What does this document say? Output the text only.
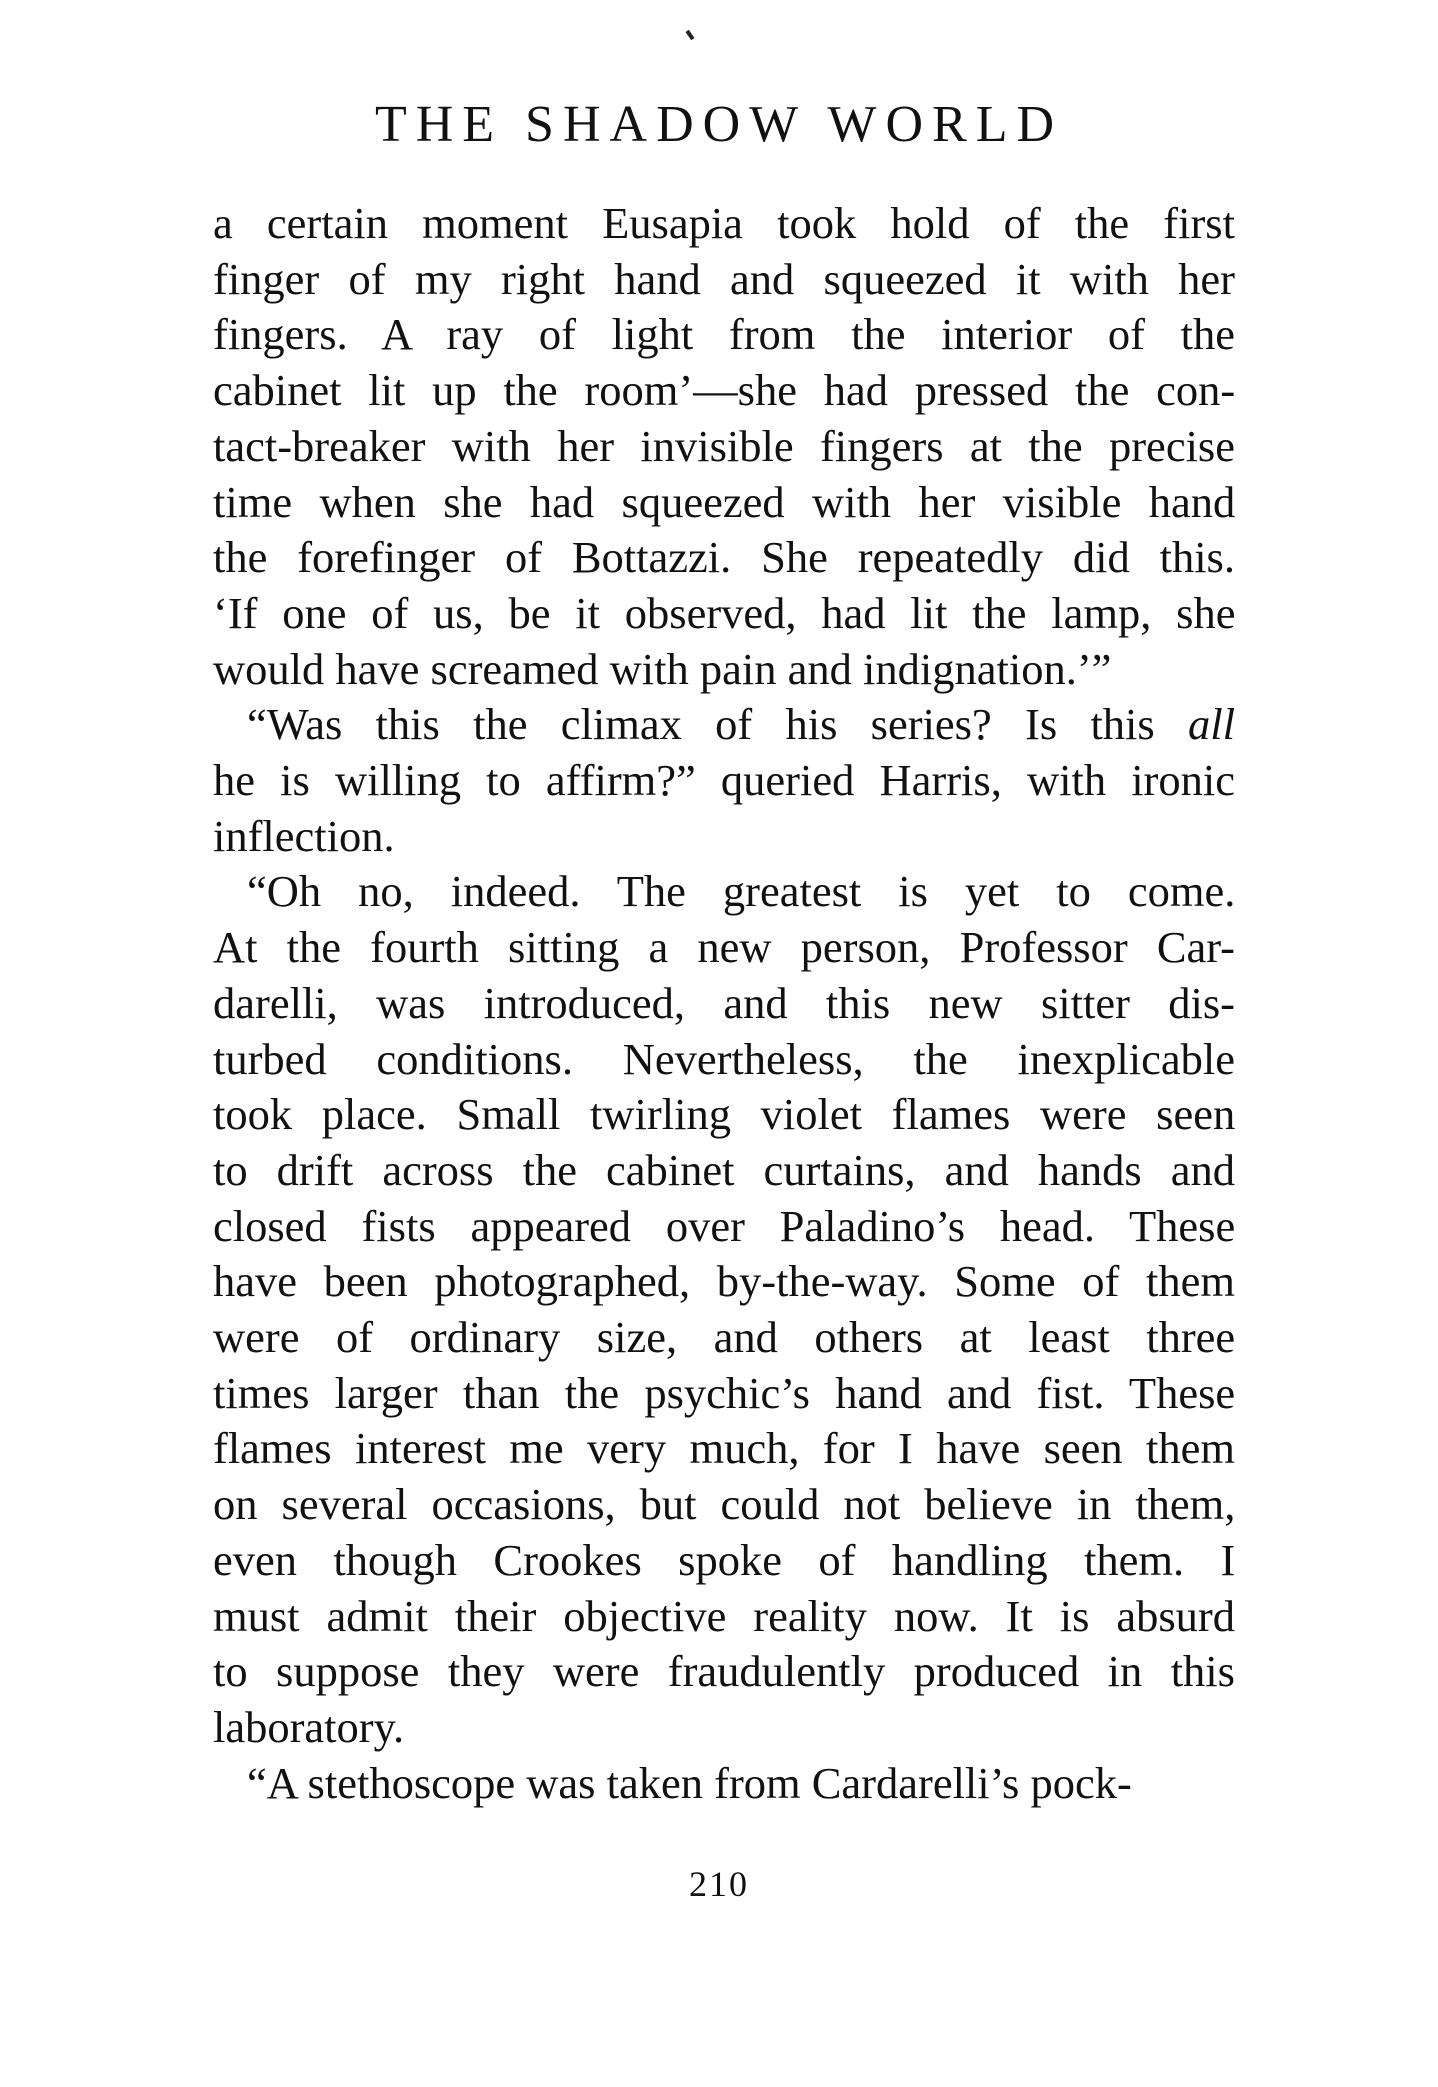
THE SHADOW WORLD

a certain moment Eusapia took hold of the first
finger of my right hand and squeezed it with her
fingers. A ray of light from the interior of the
cabinet lit up the room’—she had pressed the con-
tact-breaker with her invisible fingers at the precise
time when she had squeezed with her visible hand
the forefinger of Bottazzi. She repeatedly did this.
‘If one of us, be it observed, had lit the lamp, she
would have screamed with pain and indignation.’”

“Was this the climax of his series? Is this all
he is willing to affirm?” queried Harris, with ironic
inflection.

“Oh no, indeed. The greatest is yet to come.
At the fourth sitting a new person, Professor Car-
darelli, was introduced, and this new sitter dis-
turbed conditions. Nevertheless, the inexplicable
took place. Small twirling violet flames were seen
to drift across the cabinet curtains, and hands and
closed fists appeared over Paladino’s head. These
have been photographed, by-the-way. Some of them
were of ordinary size, and others at least three
times larger than the psychic’s hand and fist. These
flames interest me very much, for I have seen them
on several occasions, but could not believe in them,
even though Crookes spoke of handling them. I
must admit their objective reality now. It is absurd
to suppose they were fraudulently produced in this
laboratory.

“A stethoscope was taken from Cardarelli’s pock-

210
